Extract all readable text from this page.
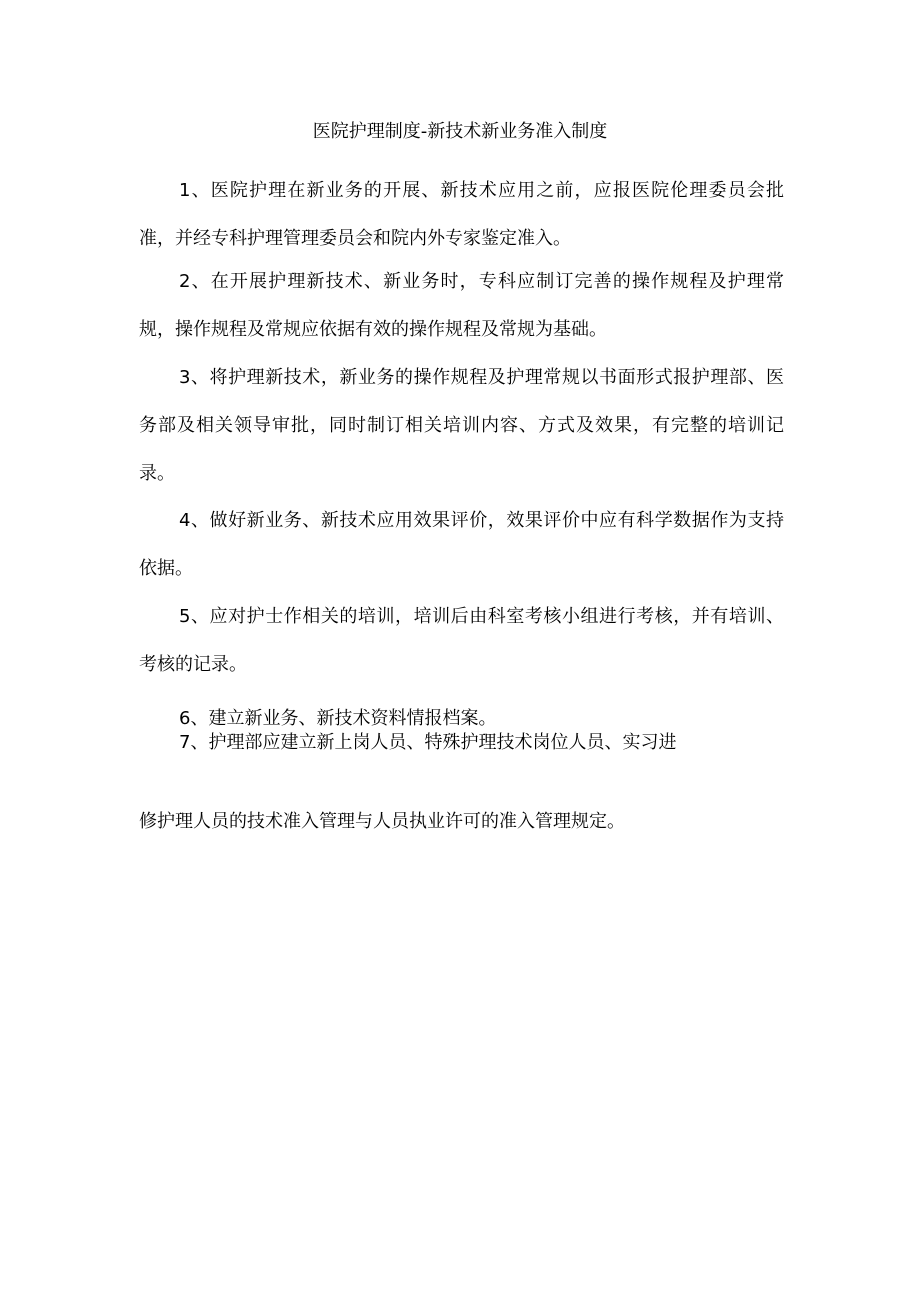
医院护理制度-新技术新业务准入制度

1、医院护理在新业务的开展、新技术应用之前，应报医院伦理委员会批准，并经专科护理管理委员会和院内外专家鉴定准入。

2、在开展护理新技术、新业务时，专科应制订完善的操作规程及护理常规，操作规程及常规应依据有效的操作规程及常规为基础。

3、将护理新技术，新业务的操作规程及护理常规以书面形式报护理部、医务部及相关领导审批，同时制订相关培训内容、方式及效果，有完整的培训记录。

4、做好新业务、新技术应用效果评价，效果评价中应有科学数据作为支持依据。

5、应对护士作相关的培训，培训后由科室考核小组进行考核，并有培训、考核的记录。

6、建立新业务、新技术资料情报档案。

7、护理部应建立新上岗人员、特殊护理技术岗位人员、实习进
修护理人员的技术准入管理与人员执业许可的准入管理规定。
